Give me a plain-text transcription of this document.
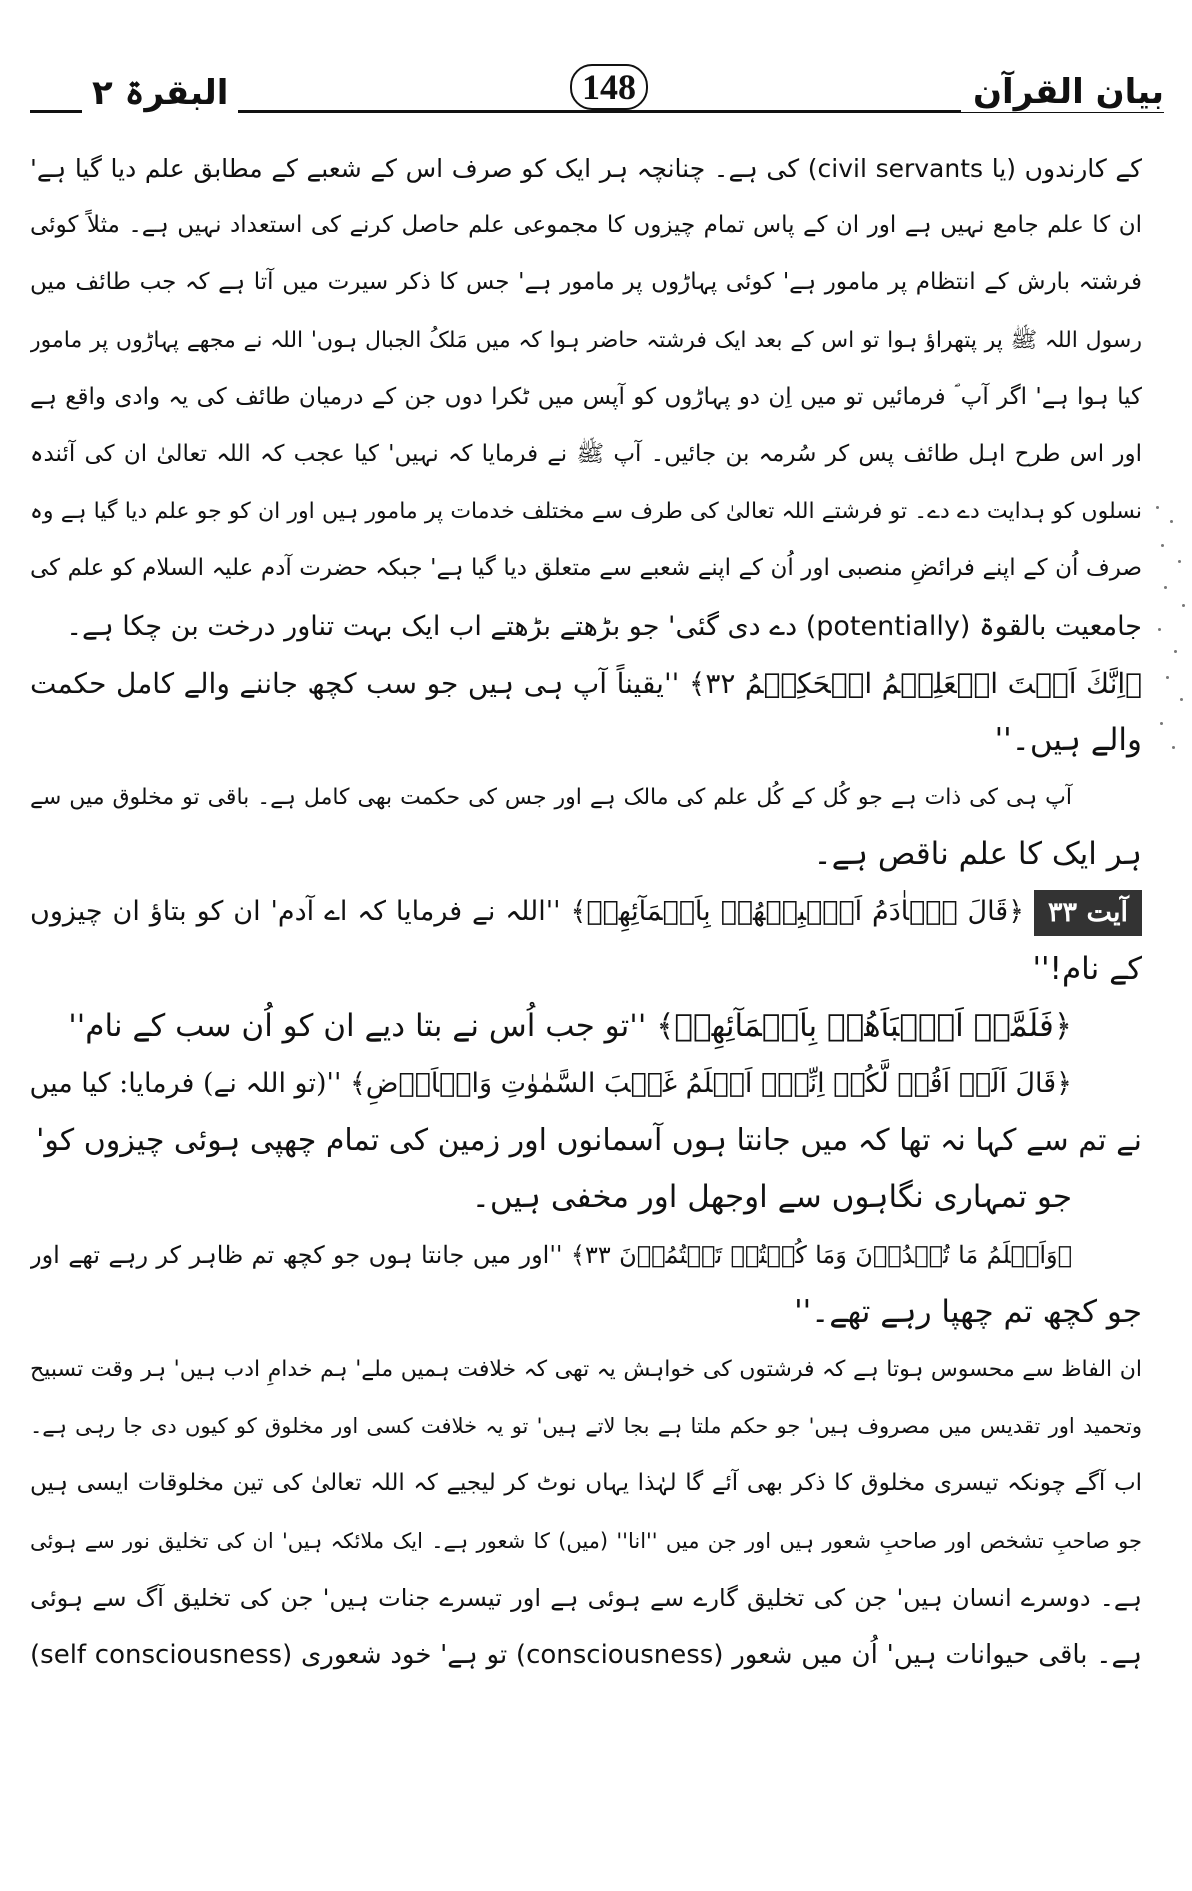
البقرۃ ۲	148	بیان القرآن
کے کارندوں (یا civil servants) کی ہے۔ چنانچہ ہر ایک کو صرف اس کے شعبے کے مطابق علم دیا گیا ہے'
ان کا علم جامع نہیں ہے اور ان کے پاس تمام چیزوں کا مجموعی علم حاصل کرنے کی استعداد نہیں ہے۔ مثلاً کوئی
فرشتہ بارش کے انتظام پر مامور ہے' کوئی پہاڑوں پر مامور ہے' جس کا ذکر سیرت میں آتا ہے کہ جب طائف میں
رسول اللہ ﷺ پر پتھراؤ ہوا تو اس کے بعد ایک فرشتہ حاضر ہوا کہ میں مَلکُ الجبال ہوں' اللہ نے مجھے پہاڑوں پر مامور
کیا ہوا ہے' اگر آپ ؐ فرمائیں تو میں اِن دو پہاڑوں کو آپس میں ٹکرا دوں جن کے درمیان طائف کی یہ وادی واقع ہے
اور اس طرح اہل طائف پس کر سُرمہ بن جائیں۔ آپ ﷺ نے فرمایا کہ نہیں' کیا عجب کہ اللہ تعالیٰ ان کی آئندہ
نسلوں کو ہدایت دے دے۔ تو فرشتے اللہ تعالیٰ کی طرف سے مختلف خدمات پر مامور ہیں اور ان کو جو علم دیا گیا ہے وہ
صرف اُن کے اپنے فرائضِ منصبی اور اُن کے اپنے شعبے سے متعلق دیا گیا ہے' جبکہ حضرت آدم علیہ السلام کو علم کی
جامعیت بالقوۃ (potentially) دے دی گئی' جو بڑھتے بڑھتے اب ایک بہت تناور درخت بن چکا ہے۔
﴿اِنَّكَ اَنۡتَ الۡعَلِيۡمُ الۡحَكِيۡمُ ۳۲﴾ ''یقیناً آپ ہی ہیں جو سب کچھ جاننے والے کامل حکمت
والے ہیں۔''
آپ ہی کی ذات ہے جو کُل کے کُل علم کی مالک ہے اور جس کی حکمت بھی کامل ہے۔ باقی تو مخلوق میں سے
ہر ایک کا علم ناقص ہے۔
آیت ۳۳﴿قَالَ يٰۤاٰدَمُ اَنۡۢبِئۡهُمۡ بِاَسۡمَآئِهِمۡ﴾ ''اللہ نے فرمایا کہ اے آدم' ان کو بتاؤ ان چیزوں
کے نام!''
﴿فَلَمَّاۤ اَنۡۢبَاَهُمۡ بِاَسۡمَآئِهِمۡ﴾ ''تو جب اُس نے بتا دیے ان کو اُن سب کے نام''
﴿قَالَ اَلَمۡ اَقُلۡ لَّكُمۡ اِنِّىۡۤ اَعۡلَمُ غَيۡبَ السَّمٰوٰتِ وَالۡاَرۡضِ﴾ ''(تو اللہ نے) فرمایا: کیا میں
نے تم سے کہا نہ تھا کہ میں جانتا ہوں آسمانوں اور زمین کی تمام چھپی ہوئی چیزوں کو'
جو تمہاری نگاہوں سے اوجھل اور مخفی ہیں۔
﴿وَاَعۡلَمُ مَا تُبۡدُوۡنَ وَمَا كُنۡتُمۡ تَكۡتُمُوۡنَ ۳۳﴾ ''اور میں جانتا ہوں جو کچھ تم ظاہر کر رہے تھے اور
جو کچھ تم چھپا رہے تھے۔''
ان الفاظ سے محسوس ہوتا ہے کہ فرشتوں کی خواہش یہ تھی کہ خلافت ہمیں ملے' ہم خدامِ ادب ہیں' ہر وقت تسبیح
وتحمید اور تقدیس میں مصروف ہیں' جو حکم ملتا ہے بجا لاتے ہیں' تو یہ خلافت کسی اور مخلوق کو کیوں دی جا رہی ہے۔
اب آگے چونکہ تیسری مخلوق کا ذکر بھی آئے گا لہٰذا یہاں نوٹ کر لیجیے کہ اللہ تعالیٰ کی تین مخلوقات ایسی ہیں
جو صاحبِ تشخص اور صاحبِ شعور ہیں اور جن میں ''انا'' (میں) کا شعور ہے۔ ایک ملائکہ ہیں' ان کی تخلیق نور سے ہوئی
ہے۔ دوسرے انسان ہیں' جن کی تخلیق گارے سے ہوئی ہے اور تیسرے جنات ہیں' جن کی تخلیق آگ سے ہوئی
ہے۔ باقی حیوانات ہیں' اُن میں شعور (consciousness) تو ہے' خود شعوری (self consciousness)
